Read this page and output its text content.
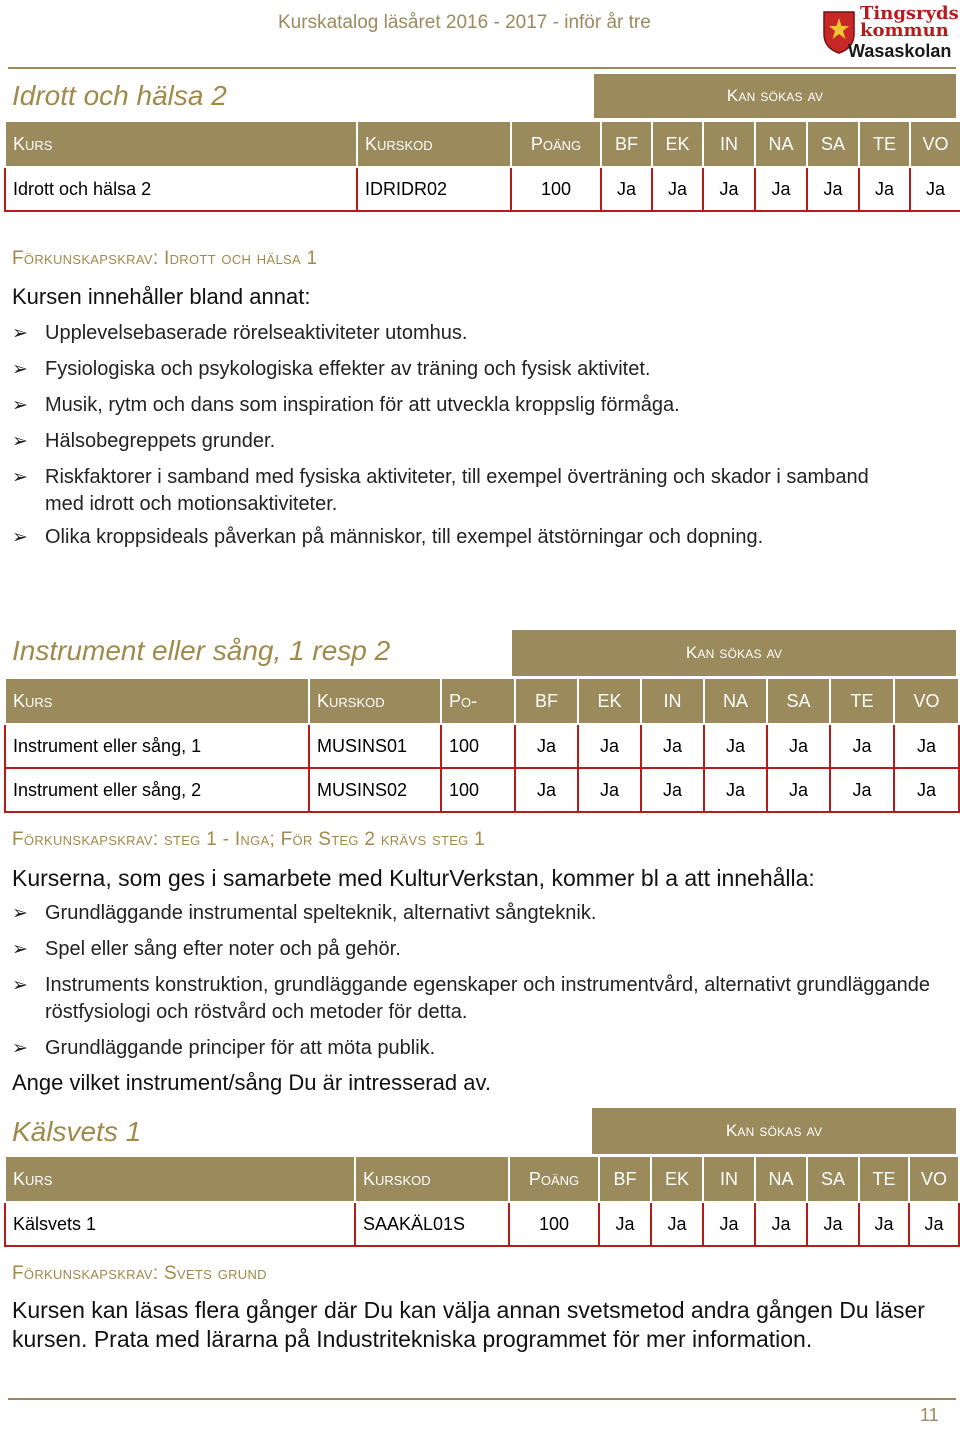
Kurskatalog läsåret 2016 - 2017 - inför år tre	Tingsryds
kommun
Wasaskolan
Idrott och hälsa 2	Kan sökas av
Kurs	Kurskod	Poäng	BF	EK	IN	NA	SA	TE	VO
Idrott och hälsa 2	IDRIDR02	100	Ja	Ja	Ja	Ja	Ja	Ja	Ja
Förkunskapskrav: Idrott och hälsa 1
Kursen innehåller bland annat:
➢ Upplevelsebaserade rörelseaktiviteter utomhus.
➢ Fysiologiska och psykologiska effekter av träning och fysisk aktivitet.
➢ Musik, rytm och dans som inspiration för att utveckla kroppslig förmåga.
➢ Hälsobegreppets grunder.
➢ Riskfaktorer i samband med fysiska aktiviteter, till exempel överträning och skador i samband med idrott och motionsaktiviteter.
➢ Olika kroppsideals påverkan på människor, till exempel ätstörningar och dopning.
Instrument eller sång, 1 resp 2	Kan sökas av
Kurs	Kurskod	Po-	BF	EK	IN	NA	SA	TE	VO
Instrument eller sång, 1	MUSINS01	100	Ja	Ja	Ja	Ja	Ja	Ja	Ja
Instrument eller sång, 2	MUSINS02	100	Ja	Ja	Ja	Ja	Ja	Ja	Ja
Förkunskapskrav: steg 1 - Inga; För Steg 2 krävs steg 1
Kurserna, som ges i samarbete med KulturVerkstan, kommer bl a att innehålla:
➢ Grundläggande instrumental spelteknik, alternativt sångteknik.
➢ Spel eller sång efter noter och på gehör.
➢ Instruments konstruktion, grundläggande egenskaper och instrumentvård, alternativt grundläggande röstfysiologi och röstvård och metoder för detta.
➢ Grundläggande principer för att möta publik.
Ange vilket instrument/sång Du är intresserad av.
Kälsvets 1	Kan sökas av
Kurs	Kurskod	Poäng	BF	EK	IN	NA	SA	TE	VO
Kälsvets 1	SAAKÄL01S	100	Ja	Ja	Ja	Ja	Ja	Ja	Ja
Förkunskapskrav: Svets grund
Kursen kan läsas flera gånger där Du kan välja annan svetsmetod andra gången Du läser kursen. Prata med lärarna på Industritekniska programmet för mer information.
11
